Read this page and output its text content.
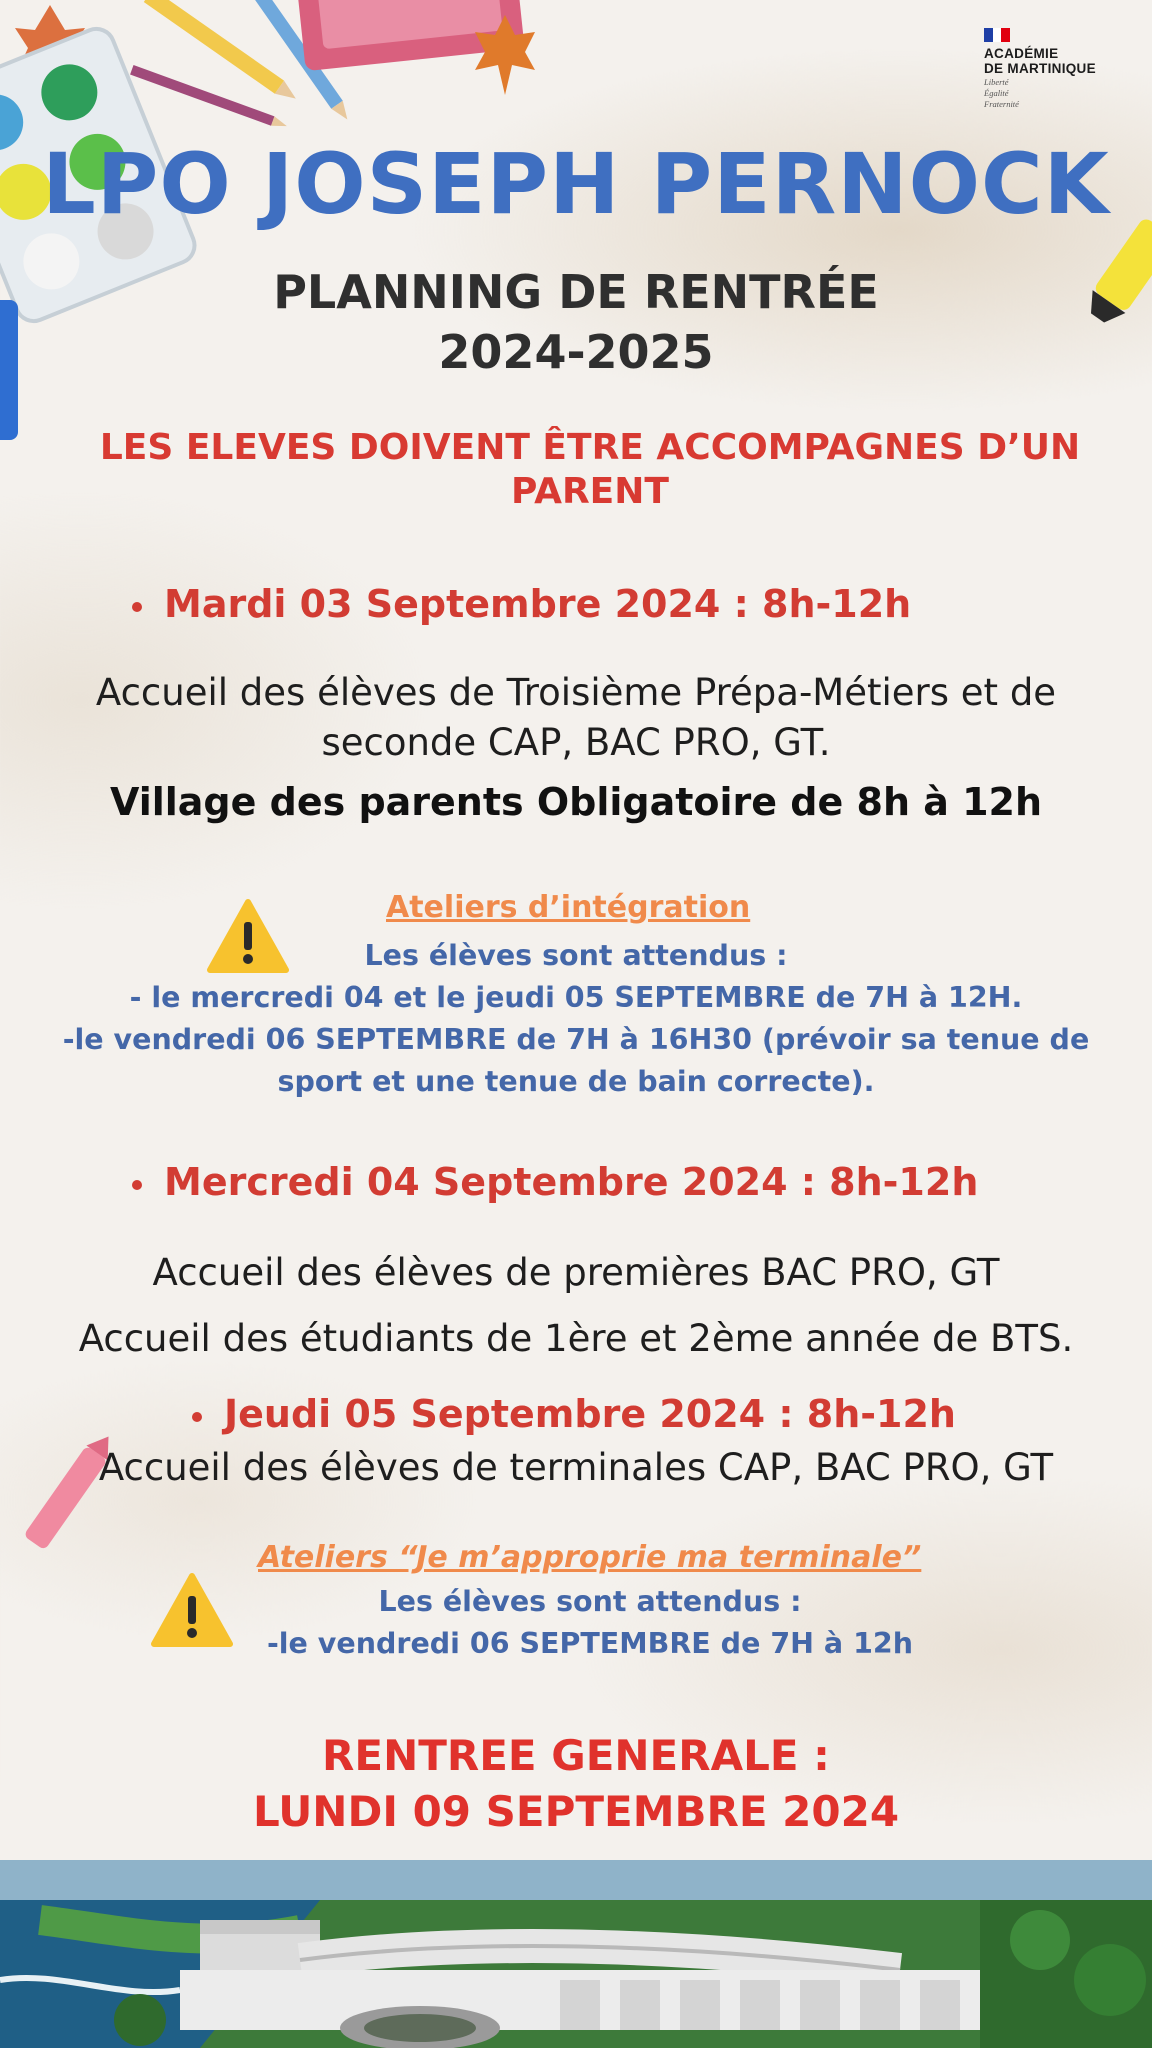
ACADÉMIE
DE MARTINIQUE
Liberté
Égalité
Fraternité
LPO JOSEPH PERNOCK
PLANNING DE RENTRÉE
2024-2025
LES ELEVES DOIVENT ÊTRE ACCOMPAGNES D’UN
PARENT
Mardi 03 Septembre 2024 : 8h-12h
Accueil des élèves de Troisième Prépa-Métiers et de
seconde CAP, BAC PRO, GT.
Village des parents Obligatoire de 8h à 12h
Ateliers d’intégration
Les élèves sont attendus :
- le mercredi 04 et le jeudi 05 SEPTEMBRE de 7H à 12H.
-le vendredi 06 SEPTEMBRE de 7H à 16H30 (prévoir sa tenue de
sport et une tenue de bain correcte).
Mercredi 04 Septembre 2024 : 8h-12h
Accueil des élèves de premières BAC PRO, GT
Accueil des étudiants de 1ère et 2ème année de BTS.
Jeudi 05 Septembre 2024 : 8h-12h
Accueil des élèves de terminales CAP, BAC PRO, GT
Ateliers “Je m’approprie ma terminale”
Les élèves sont attendus :
-le vendredi 06 SEPTEMBRE de 7H à 12h
RENTREE GENERALE :
LUNDI 09 SEPTEMBRE 2024
